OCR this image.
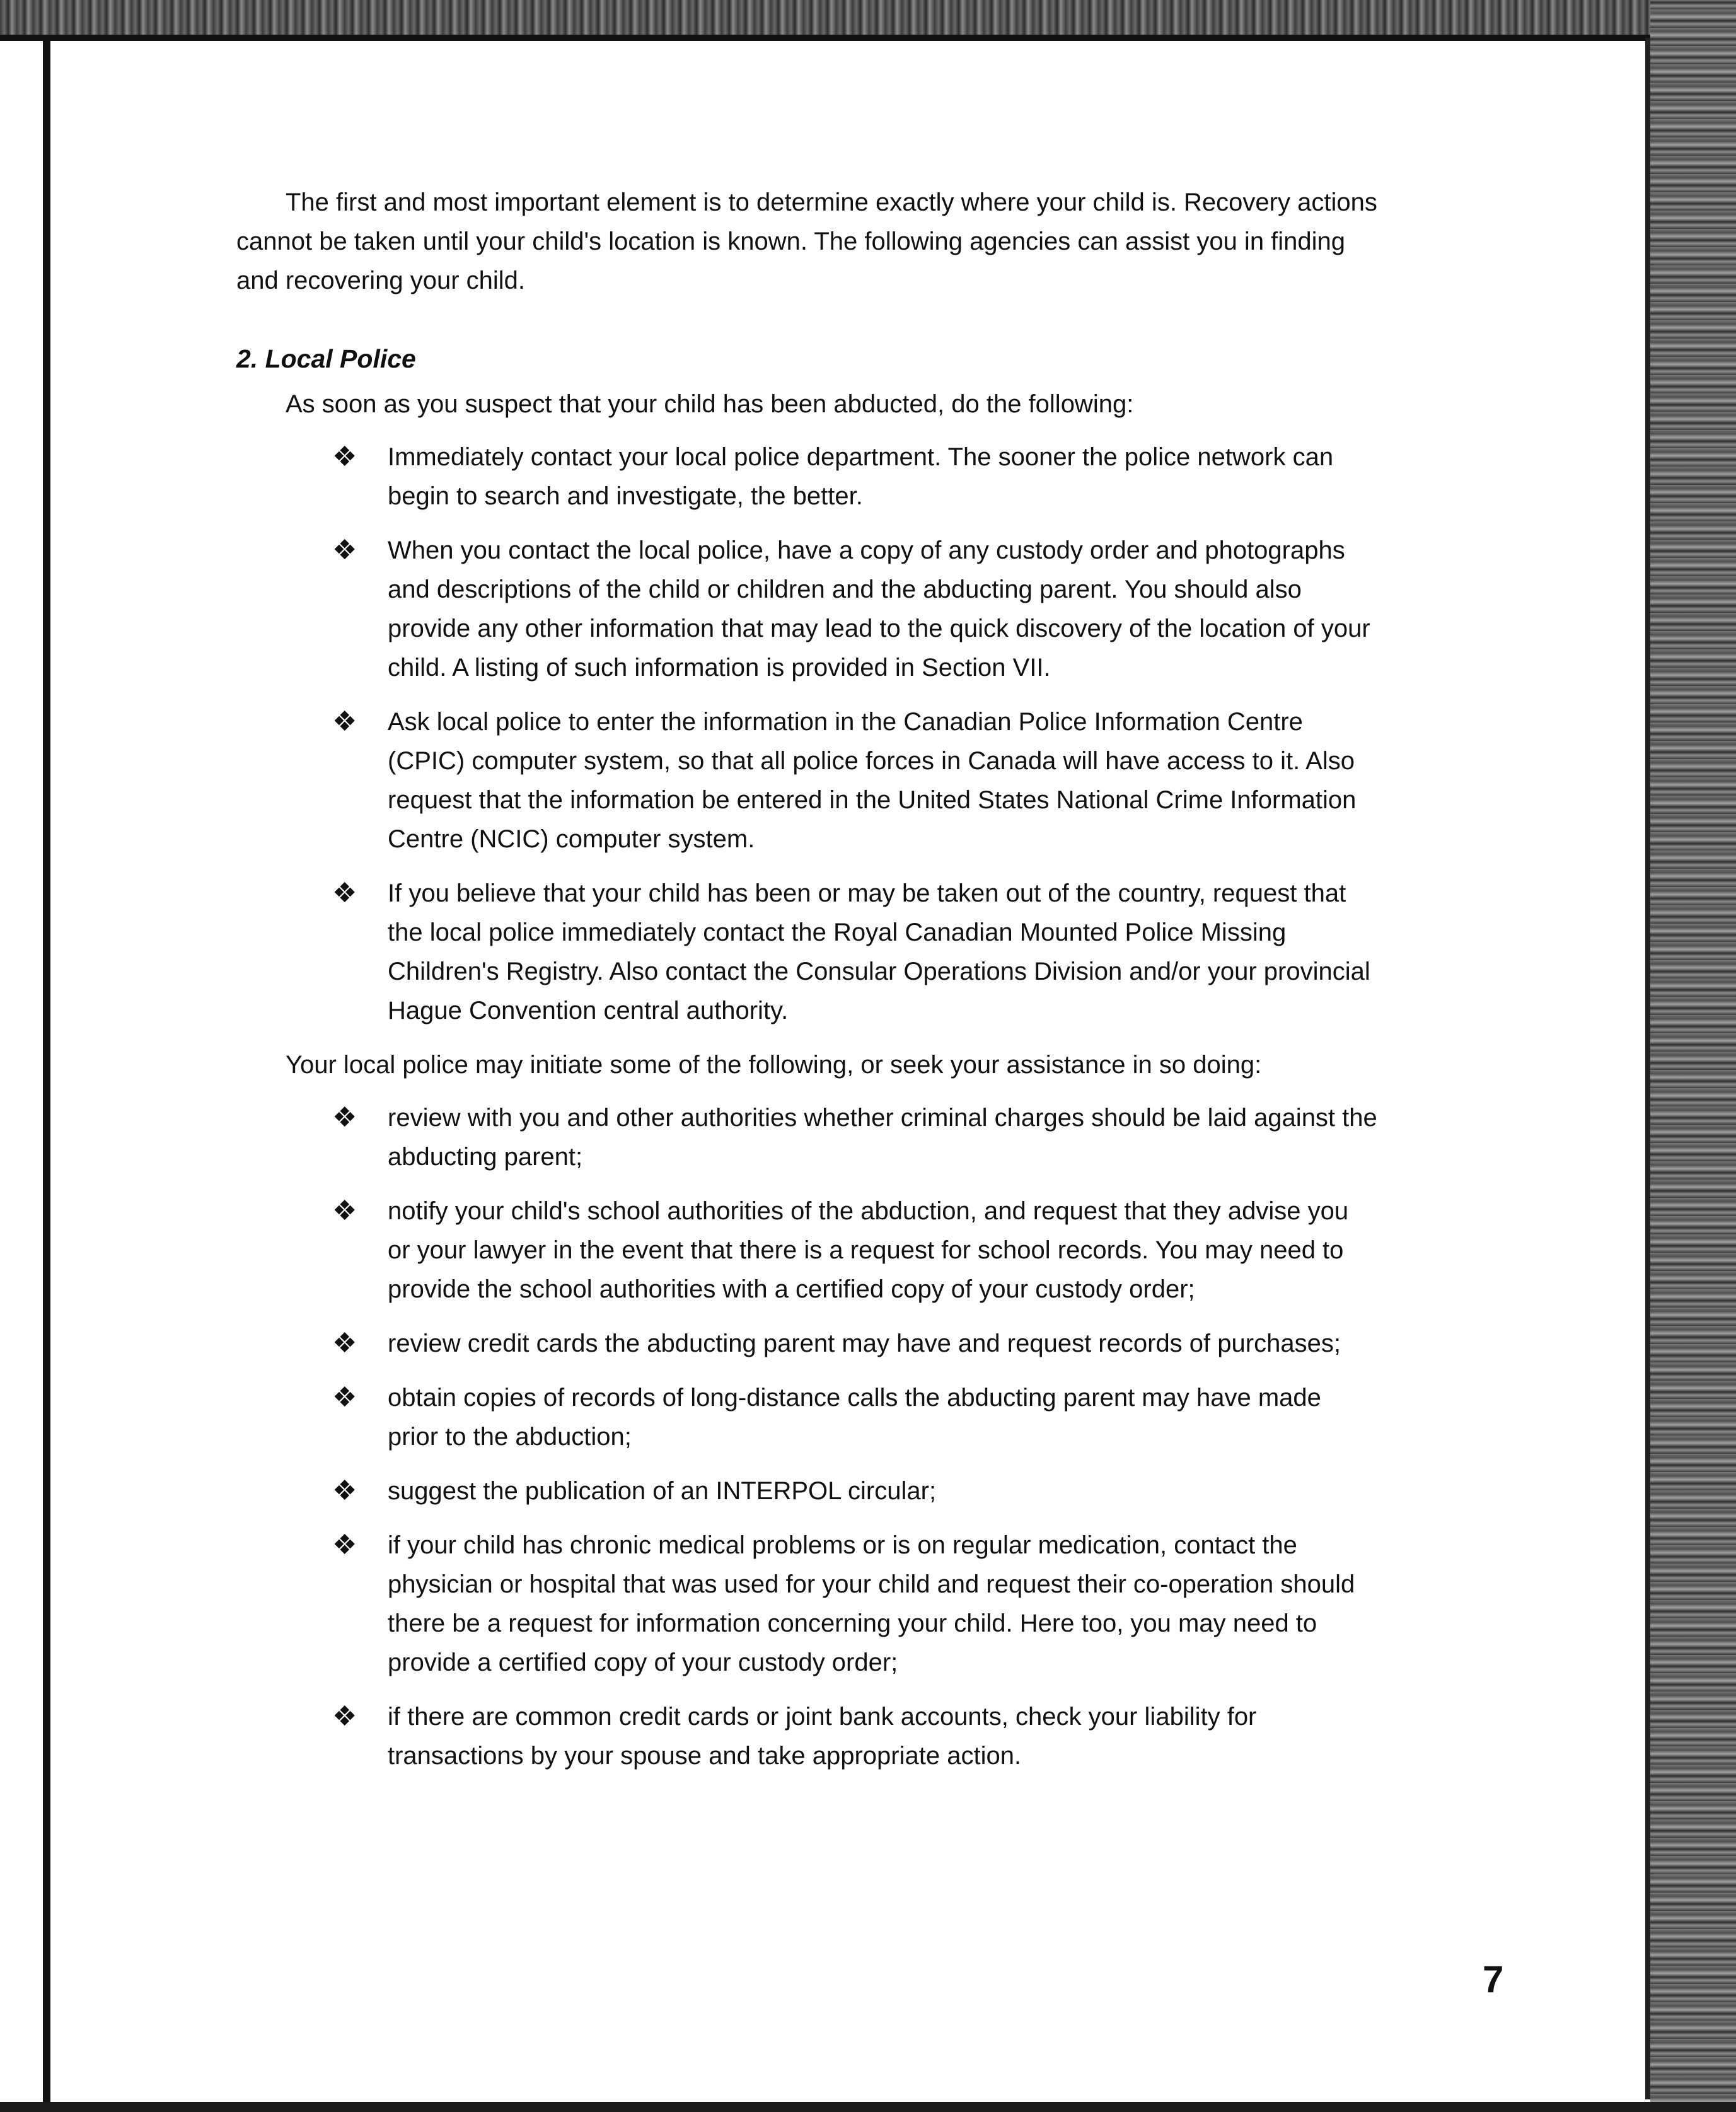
The first and most important element is to determine exactly where your child is. Recovery actions cannot be taken until your child's location is known. The following agencies can assist you in finding and recovering your child.

2. Local Police

As soon as you suspect that your child has been abducted, do the following:

❖ Immediately contact your local police department. The sooner the police network can begin to search and investigate, the better.
❖ When you contact the local police, have a copy of any custody order and photographs and descriptions of the child or children and the abducting parent. You should also provide any other information that may lead to the quick discovery of the location of your child. A listing of such information is provided in Section VII.
❖ Ask local police to enter the information in the Canadian Police Information Centre (CPIC) computer system, so that all police forces in Canada will have access to it. Also request that the information be entered in the United States National Crime Information Centre (NCIC) computer system.
❖ If you believe that your child has been or may be taken out of the country, request that the local police immediately contact the Royal Canadian Mounted Police Missing Children's Registry. Also contact the Consular Operations Division and/or your provincial Hague Convention central authority.

Your local police may initiate some of the following, or seek your assistance in so doing:

❖ review with you and other authorities whether criminal charges should be laid against the abducting parent;
❖ notify your child's school authorities of the abduction, and request that they advise you or your lawyer in the event that there is a request for school records. You may need to provide the school authorities with a certified copy of your custody order;
❖ review credit cards the abducting parent may have and request records of purchases;
❖ obtain copies of records of long-distance calls the abducting parent may have made prior to the abduction;
❖ suggest the publication of an INTERPOL circular;
❖ if your child has chronic medical problems or is on regular medication, contact the physician or hospital that was used for your child and request their co-operation should there be a request for information concerning your child. Here too, you may need to provide a certified copy of your custody order;
❖ if there are common credit cards or joint bank accounts, check your liability for transactions by your spouse and take appropriate action.
7
